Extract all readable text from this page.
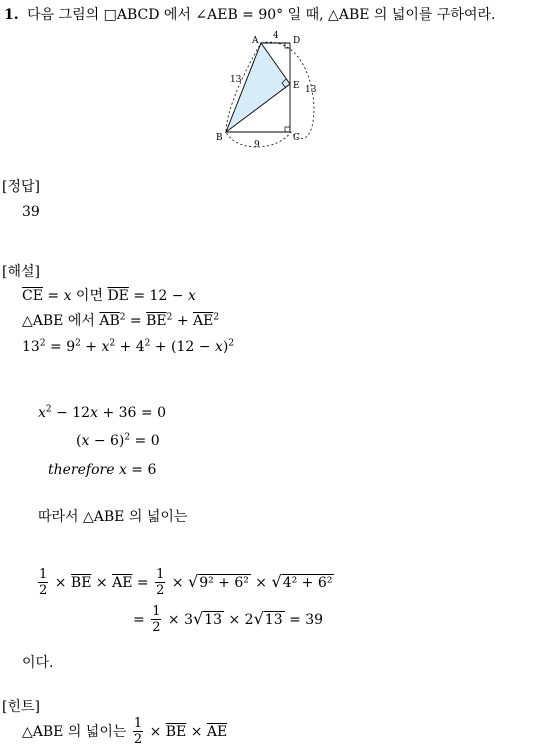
1. 다음 그림의 □ABCD 에서 ∠AEB = 90° 일 때, △ABE 의 넓이를 구하여라.
A	D
B	C
E
4
13
9
13
[정답]
39
[해설]
$\overline{CE} = x$ 이면 $\overline{DE} = 12 - x$
△ABE 에서 $\overline{AB}^2 = \overline{BE}^2 + \overline{AE}^2$
$13^2 = 9^2 + x^2 + 4^2 + (12 - x)^2$
$x^2 - 12x + 36 = 0$
$(x - 6)^2 = 0$
therefore x = 6
따라서 △ABE 의 넓이는
$\frac{1}{2} \times \overline{BE} \times \overline{AE} = \frac{1}{2}$ × √ 9² + 6² × √ 4² + 6²
= $\frac{1}{2} \times 3$ √ 13 × 2 √ 13 = 39
이다.
[힌트]
△ABE 의 넓이는 $\frac{1}{2} \times \overline{BE} \times \overline{AE}$
